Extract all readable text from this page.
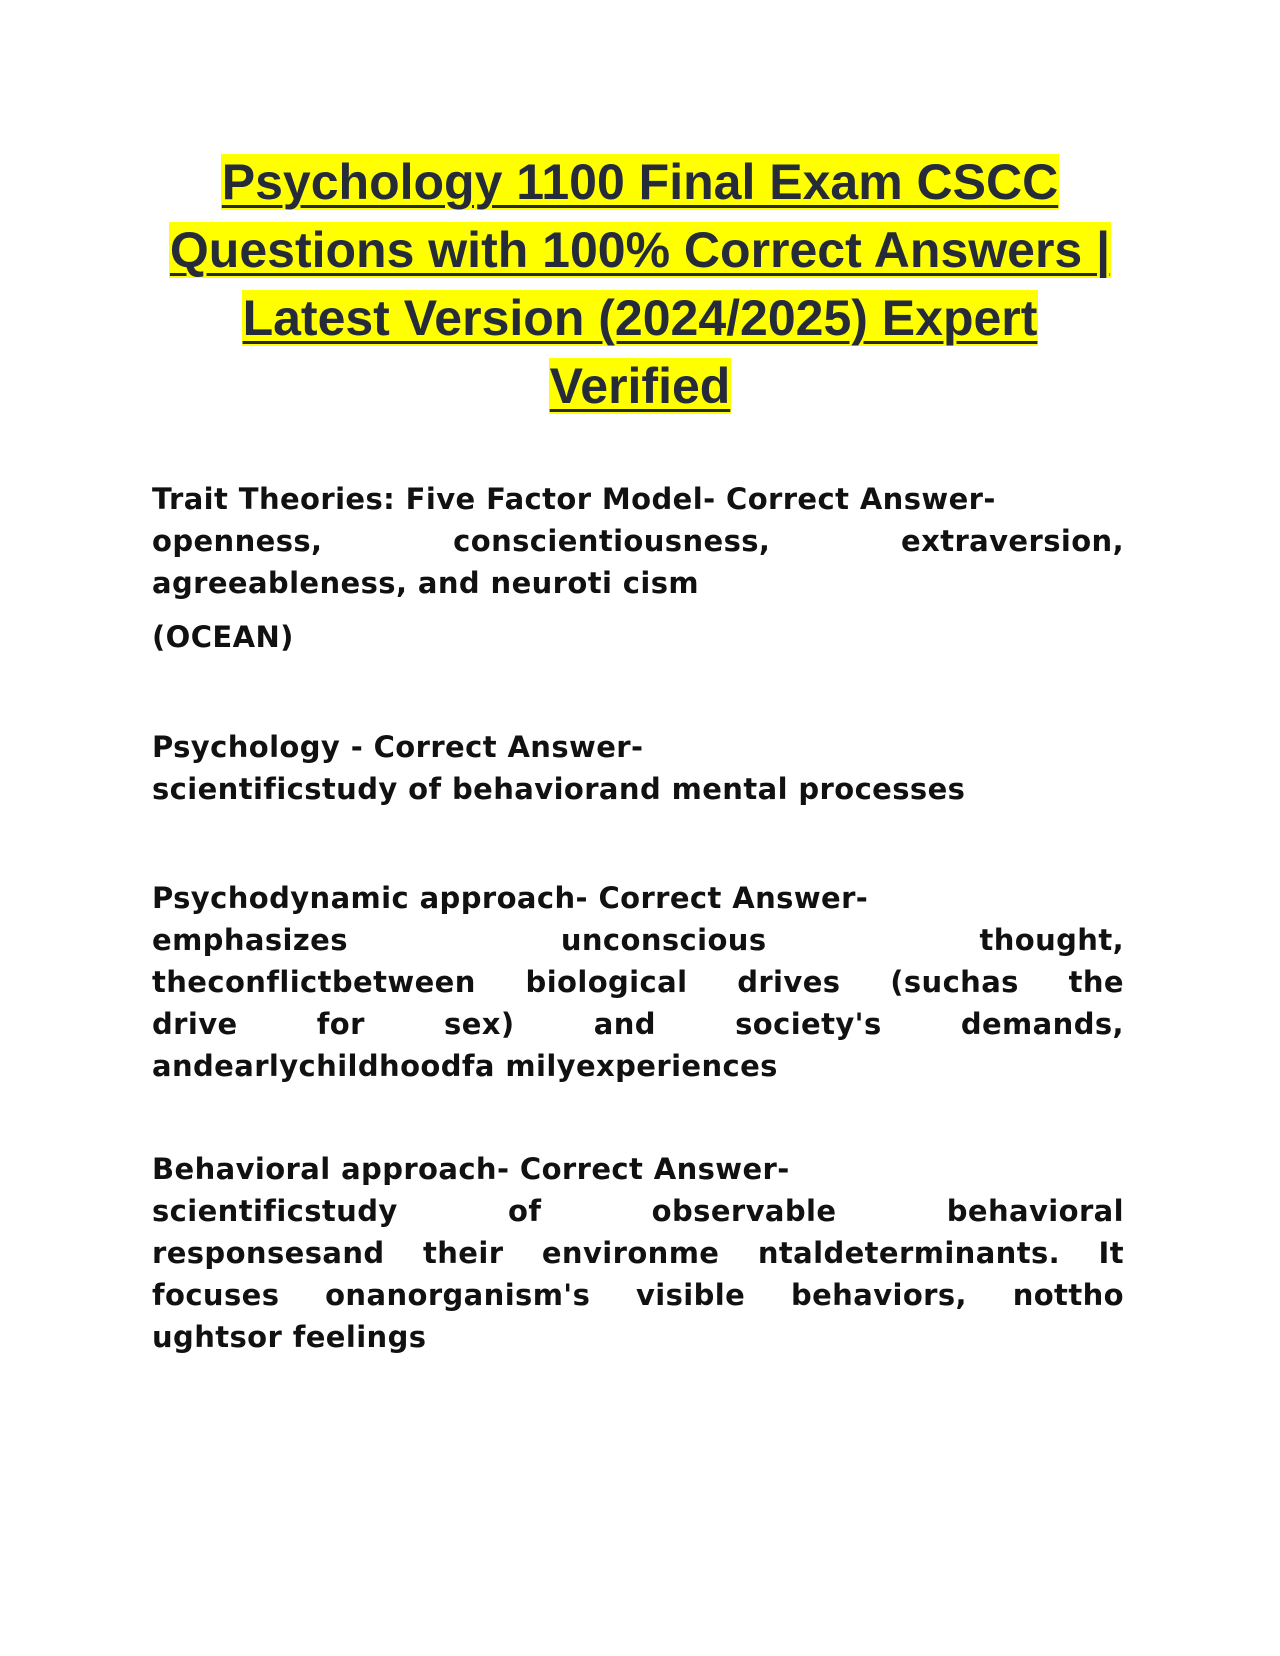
Psychology 1100 Final Exam CSCC
Questions with 100% Correct Answers |
Latest Version (2024/2025) Expert
Verified
Trait Theories: Five Factor Model- Correct Answer-
openness,	conscientiousness,	extraversion,
agreeableness, and neuroti cism
(OCEAN)
Psychology - Correct Answer-
scientificstudy of behaviorand mental processes
Psychodynamic approach- Correct Answer-
emphasizes	unconscious	thought,
theconflictbetween biological drives (suchas the
drive	for	sex)	and	society's	demands,
andearlychildhoodfa milyexperiences
Behavioral approach- Correct Answer-
scientificstudy	of	observable	behavioral
responsesand their environme ntaldeterminants. It
focuses onanorganism's visible behaviors, nottho
ughtsor feelings
